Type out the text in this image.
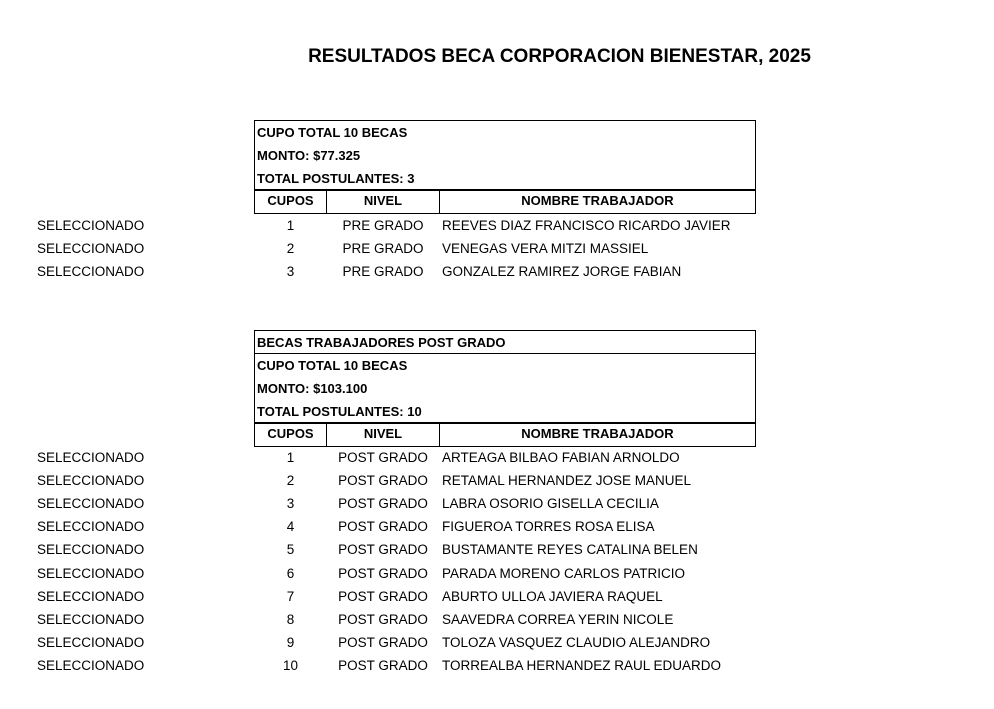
RESULTADOS BECA CORPORACION BIENESTAR, 2025
CUPO TOTAL 10 BECAS
MONTO: $77.325
TOTAL POSTULANTES: 3
CUPOS	NIVEL	NOMBRE TRABAJADOR
SELECCIONADO	1	PRE GRADO	REEVES DIAZ FRANCISCO RICARDO JAVIER
SELECCIONADO	2	PRE GRADO	VENEGAS VERA MITZI MASSIEL
SELECCIONADO	3	PRE GRADO	GONZALEZ RAMIREZ JORGE FABIAN
BECAS TRABAJADORES POST GRADO
CUPO TOTAL 10 BECAS
MONTO: $103.100
TOTAL POSTULANTES: 10
CUPOS	NIVEL	NOMBRE TRABAJADOR
SELECCIONADO	1	POST GRADO	ARTEAGA BILBAO FABIAN ARNOLDO
SELECCIONADO	2	POST GRADO	RETAMAL HERNANDEZ JOSE MANUEL
SELECCIONADO	3	POST GRADO	LABRA OSORIO GISELLA CECILIA
SELECCIONADO	4	POST GRADO	FIGUEROA TORRES ROSA ELISA
SELECCIONADO	5	POST GRADO	BUSTAMANTE REYES CATALINA BELEN
SELECCIONADO	6	POST GRADO	PARADA MORENO CARLOS PATRICIO
SELECCIONADO	7	POST GRADO	ABURTO ULLOA JAVIERA RAQUEL
SELECCIONADO	8	POST GRADO	SAAVEDRA CORREA YERIN NICOLE
SELECCIONADO	9	POST GRADO	TOLOZA VASQUEZ CLAUDIO ALEJANDRO
SELECCIONADO	10	POST GRADO	TORREALBA HERNANDEZ RAUL EDUARDO
